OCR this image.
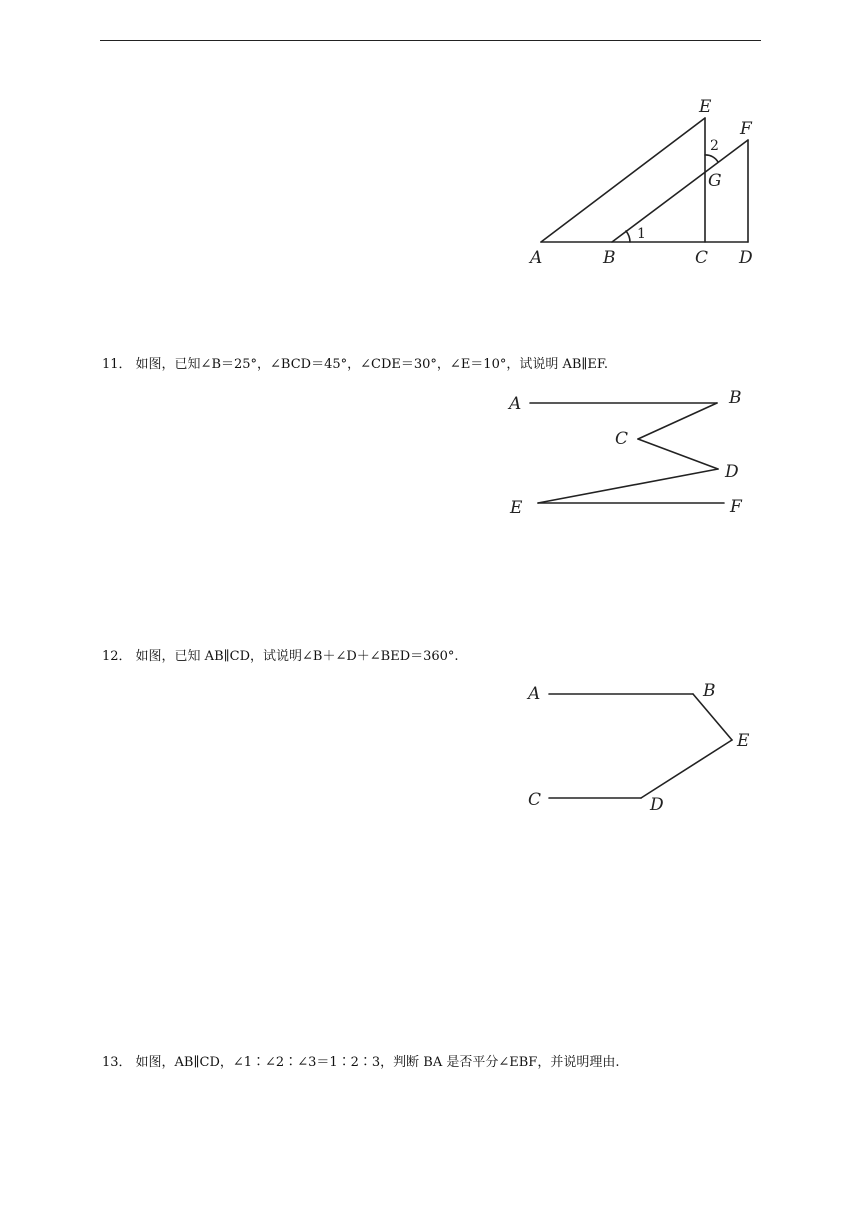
E
F
G
A	B	C D
1
2
11． 如图，已知∠B＝25°，∠BCD＝45°，∠CDE＝30°，∠E＝10°，试说明 AB∥EF.
A	B
C
D
E	F
12． 如图，已知 AB∥CD，试说明∠B＋∠D＋∠BED＝360°.
A	B
E
C	D
13． 如图，AB∥CD，∠1∶∠2∶∠3＝1∶2∶3，判断 BA 是否平分∠EBF，并说明理由.
